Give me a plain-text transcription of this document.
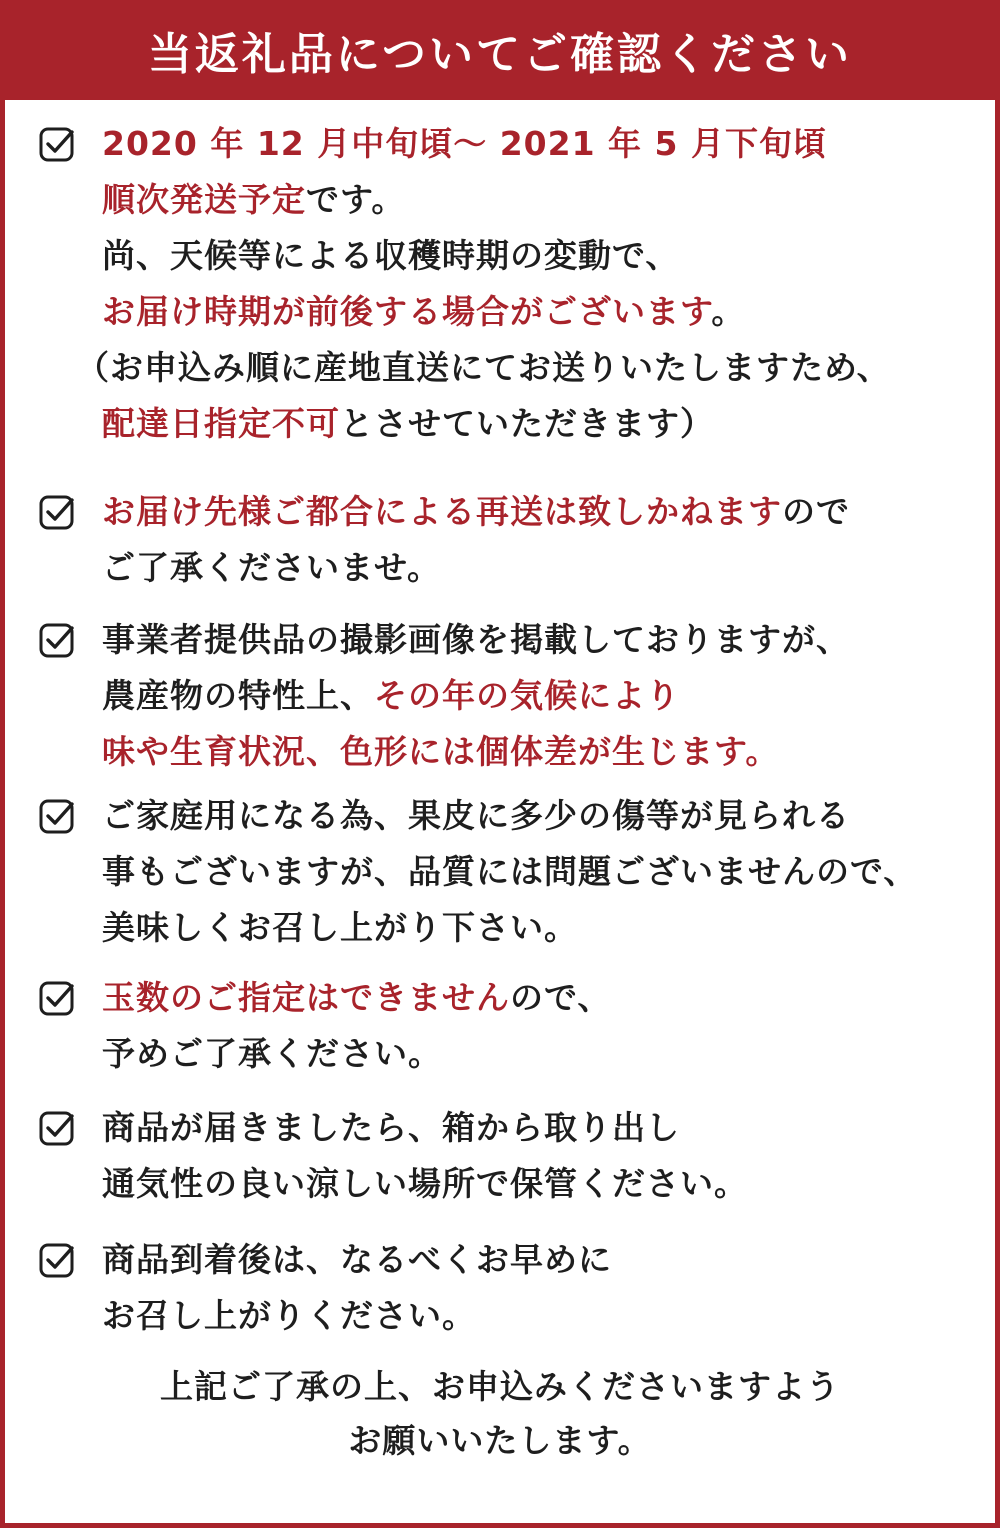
当返礼品についてご確認ください
2020 年 12 月中旬頃〜 2021 年 5 月下旬頃
順次発送予定です。
尚、天候等による収穫時期の変動で、
お届け時期が前後する場合がございます。
（お申込み順に産地直送にてお送りいたしますため、
配達日指定不可とさせていただきます）
お届け先様ご都合による再送は致しかねますので
ご了承くださいませ。
事業者提供品の撮影画像を掲載しておりますが、
農産物の特性上、その年の気候により
味や生育状況、色形には個体差が生じます。
ご家庭用になる為、果皮に多少の傷等が見られる
事もございますが、品質には問題ございませんので、
美味しくお召し上がり下さい。
玉数のご指定はできませんので、
予めご了承ください。
商品が届きましたら、箱から取り出し
通気性の良い涼しい場所で保管ください。
商品到着後は、なるべくお早めに
お召し上がりください。
上記ご了承の上、お申込みくださいますよう
お願いいたします。
